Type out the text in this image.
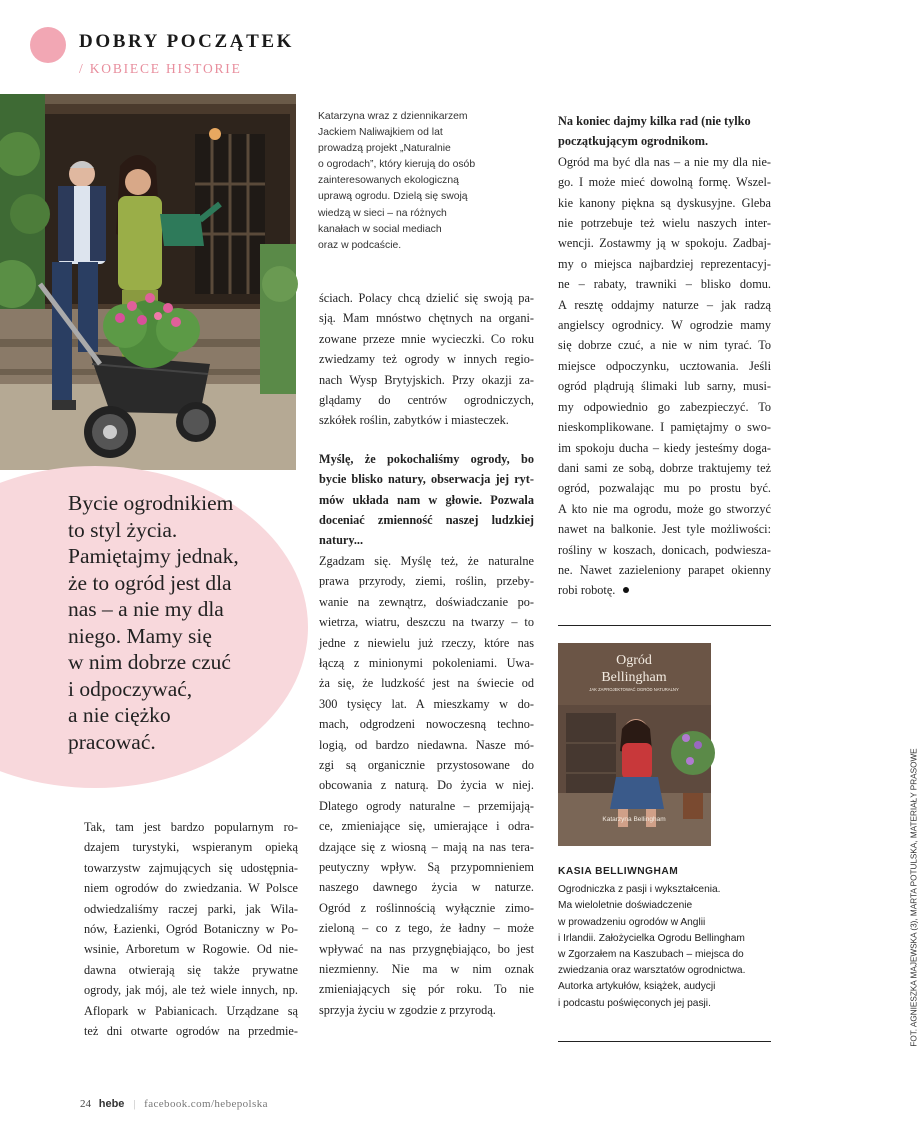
DOBRY POCZĄTEK
/ KOBIECE HISTORIE
Bycie ogrodnikiem
to styl życia.
Pamiętajmy jednak,
że to ogród jest dla
nas – a nie my dla
niego. Mamy się
w nim dobrze czuć
i odpoczywać,
a nie ciężko
pracować.
Katarzyna wraz z dziennikarzem
Jackiem Naliwajkiem od lat
prowadzą projekt „Naturalnie
o ogrodach”, który kierują do osób
zainteresowanych ekologiczną
uprawą ogrodu. Dzielą się swoją
wiedzą w sieci – na różnych
kanałach w social mediach
oraz w podcaście.
Tak, tam jest bardzo popularnym ro-
dzajem turystyki, wspieranym opieką
towarzystw zajmujących się udostępnia-
niem ogrodów do zwiedzania. W Polsce
odwiedzaliśmy raczej parki, jak Wila-
nów, Łazienki, Ogród Botaniczny w Po-
wsinie, Arboretum w Rogowie. Od nie-
dawna otwierają się także prywatne
ogrody, jak mój, ale też wiele innych, np.
Aflopark w Pabianicach. Urządzane są
też dni otwarte ogrodów na przedmie-
ściach. Polacy chcą dzielić się swoją pa-
sją. Mam mnóstwo chętnych na organi-
zowane przeze mnie wycieczki. Co roku
zwiedzamy też ogrody w innych regio-
nach Wysp Brytyjskich. Przy okazji za-
glądamy do centrów ogrodniczych,
szkółek roślin, zabytków i miasteczek.
Myślę, że pokochaliśmy ogrody, bo
bycie blisko natury, obserwacja jej ryt-
mów układa nam w głowie. Pozwala
doceniać zmienność naszej ludzkiej
natury...
Zgadzam się. Myślę też, że naturalne
prawa przyrody, ziemi, roślin, przeby-
wanie na zewnątrz, doświadczanie po-
wietrza, wiatru, deszczu na twarzy – to
jedne z niewielu już rzeczy, które nas
łączą z minionymi pokoleniami. Uwa-
ża się, że ludzkość jest na świecie od
300 tysięcy lat. A mieszkamy w do-
mach, odgrodzeni nowoczesną techno-
logią, od bardzo niedawna. Nasze mó-
zgi są organicznie przystosowane do
obcowania z naturą. Do życia w niej.
Dlatego ogrody naturalne – przemijają-
ce, zmieniające się, umierające i odra-
dzające się z wiosną – mają na nas tera-
peutyczny wpływ. Są przypomnieniem
naszego dawnego życia w naturze.
Ogród z roślinnością wyłącznie zimo-
zieloną – co z tego, że ładny – może
wpływać na nas przygnębiająco, bo jest
niezmienny. Nie ma w nim oznak
zmieniających się pór roku. To nie
sprzyja życiu w zgodzie z przyrodą.
Na koniec dajmy kilka rad (nie tylko
początkującym ogrodnikom.
Ogród ma być dla nas – a nie my dla nie-
go. I może mieć dowolną formę. Wszel-
kie kanony piękna są dyskusyjne. Gleba
nie potrzebuje też wielu naszych inter-
wencji. Zostawmy ją w spokoju. Zadbaj-
my o miejsca najbardziej reprezentacyj-
ne – rabaty, trawniki – blisko domu.
A resztę oddajmy naturze – jak radzą
angielscy ogrodnicy. W ogrodzie mamy
się dobrze czuć, a nie w nim tyrać. To
miejsce odpoczynku, ucztowania. Jeśli
ogród plądrują ślimaki lub sarny, musi-
my odpowiednio go zabezpieczyć. To
nieskomplikowane. I pamiętajmy o swo-
im spokoju ducha – kiedy jesteśmy doga-
dani sami ze sobą, dobrze traktujemy też
ogród, pozwalając mu po prostu być.
A kto nie ma ogrodu, może go stworzyć
nawet na balkonie. Jest tyle możliwości:
rośliny w koszach, donicach, podwiesza-
ne. Nawet zazieleniony parapet okienny
robi robotę.
Ogród
Bellingham
JAK ZAPROJEKTOWAĆ OGRÓD NATURALNY
Katarzyna Bellingham
KASIA BELLIWNGHAM
Ogrodniczka z pasji i wykształcenia.
Ma wieloletnie doświadczenie
w prowadzeniu ogrodów w Anglii
i Irlandii. Założycielka Ogrodu Bellingham
w Zgorzałem na Kaszubach – miejsca do
zwiedzania oraz warsztatów ogrodnictwa.
Autorka artykułów, książek, audycji
i podcastu poświęconych jej pasji.	FOT. AGNIESZKA MAJEWSKA (3), MARTA POTULSKA, MATERIAŁY PRASOWE
24 hebe | facebook.com/hebepolska
